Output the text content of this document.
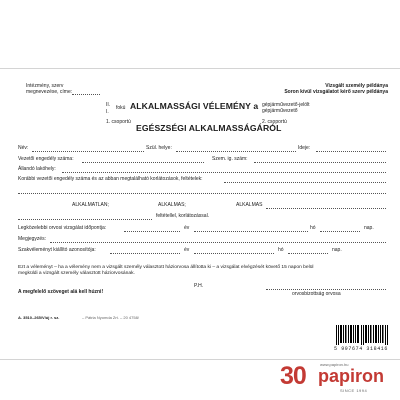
Intézmény, szerv
megnevezése, címe:
Vizsgált személy példánya
Soron kívül vizsgálatot kérő szerv példánya
II. fokú
I.
ALKALMASSÁGI VÉLEMÉNY a gépjárművezető-jelölt
gépjárművezető
1. csoportú
EGÉSZSÉGI ALKALMASSÁGÁRÓL
2. csoportú
Név:	Szül. helye:	Ideje:
Vezetői engedély száma:	Szem. ig. szám:
Állandó lakóhely:
Korábbi vezetői engedély száma és az abban megtalálható korlátozások, feltételek:
ALKALMATLAN;	ALKALMAS;	ALKALMAS
feltétellel, korlátozással.
Legközelebbi orvosi vizsgálat időpontja:	év	hó	nap.
Megjegyzés:
Szakvéleményt kiállító azonosítója:	év	hó	nap.
Ezt a véleményt – ha a vélemény nem a vizsgált személy választott háziorvosa állította ki – a vizsgálat elvégzését követő 15 napon belül
megküldi a vizsgált személy választott háziorvosának.
P.H.
A megfelelő szöveget alá kell húzni!	orvosbizottság orvosa
A. 3510–265/V/új r. sz.	– Pátria Nyomda Zrt. – 20 4758/
5 997674 318416
30	www.papiron.hu
papiron
SINCE 1994
